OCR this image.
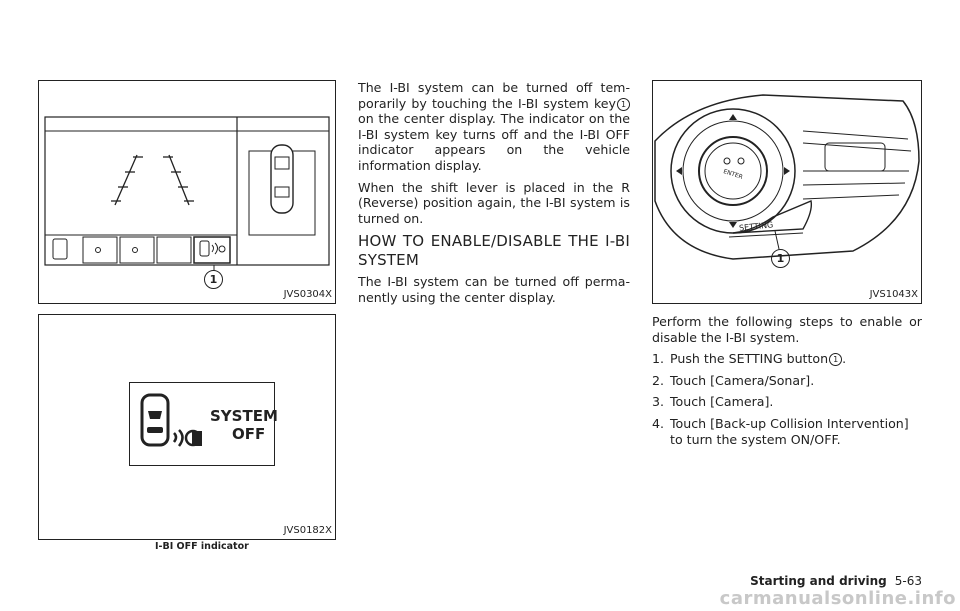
1
JVS0304X
SYSTEM
OFF
JVS0182X
I-BI OFF indicator

The I-BI system can be turned off tem-porarily by touching the I-BI system key 1 on the center display. The indicator on the I-BI system key turns off and the I-BI OFF indicator appears on the vehicle information display.

When the shift lever is placed in the R (Reverse) position again, the I-BI system is turned on.

HOW TO ENABLE/DISABLE THE I-BI SYSTEM

The I-BI system can be turned off perma-nently using the center display.

ENTER
SETTING
1
JVS1043X

Perform the following steps to enable or disable the I-BI system.

1. Push the SETTING button 1 .
2. Touch [Camera/Sonar].
3. Touch [Camera].
4. Touch [Back-up Collision Intervention] to turn the system ON/OFF.
Starting and driving 5-63
carmanualsonline.info
